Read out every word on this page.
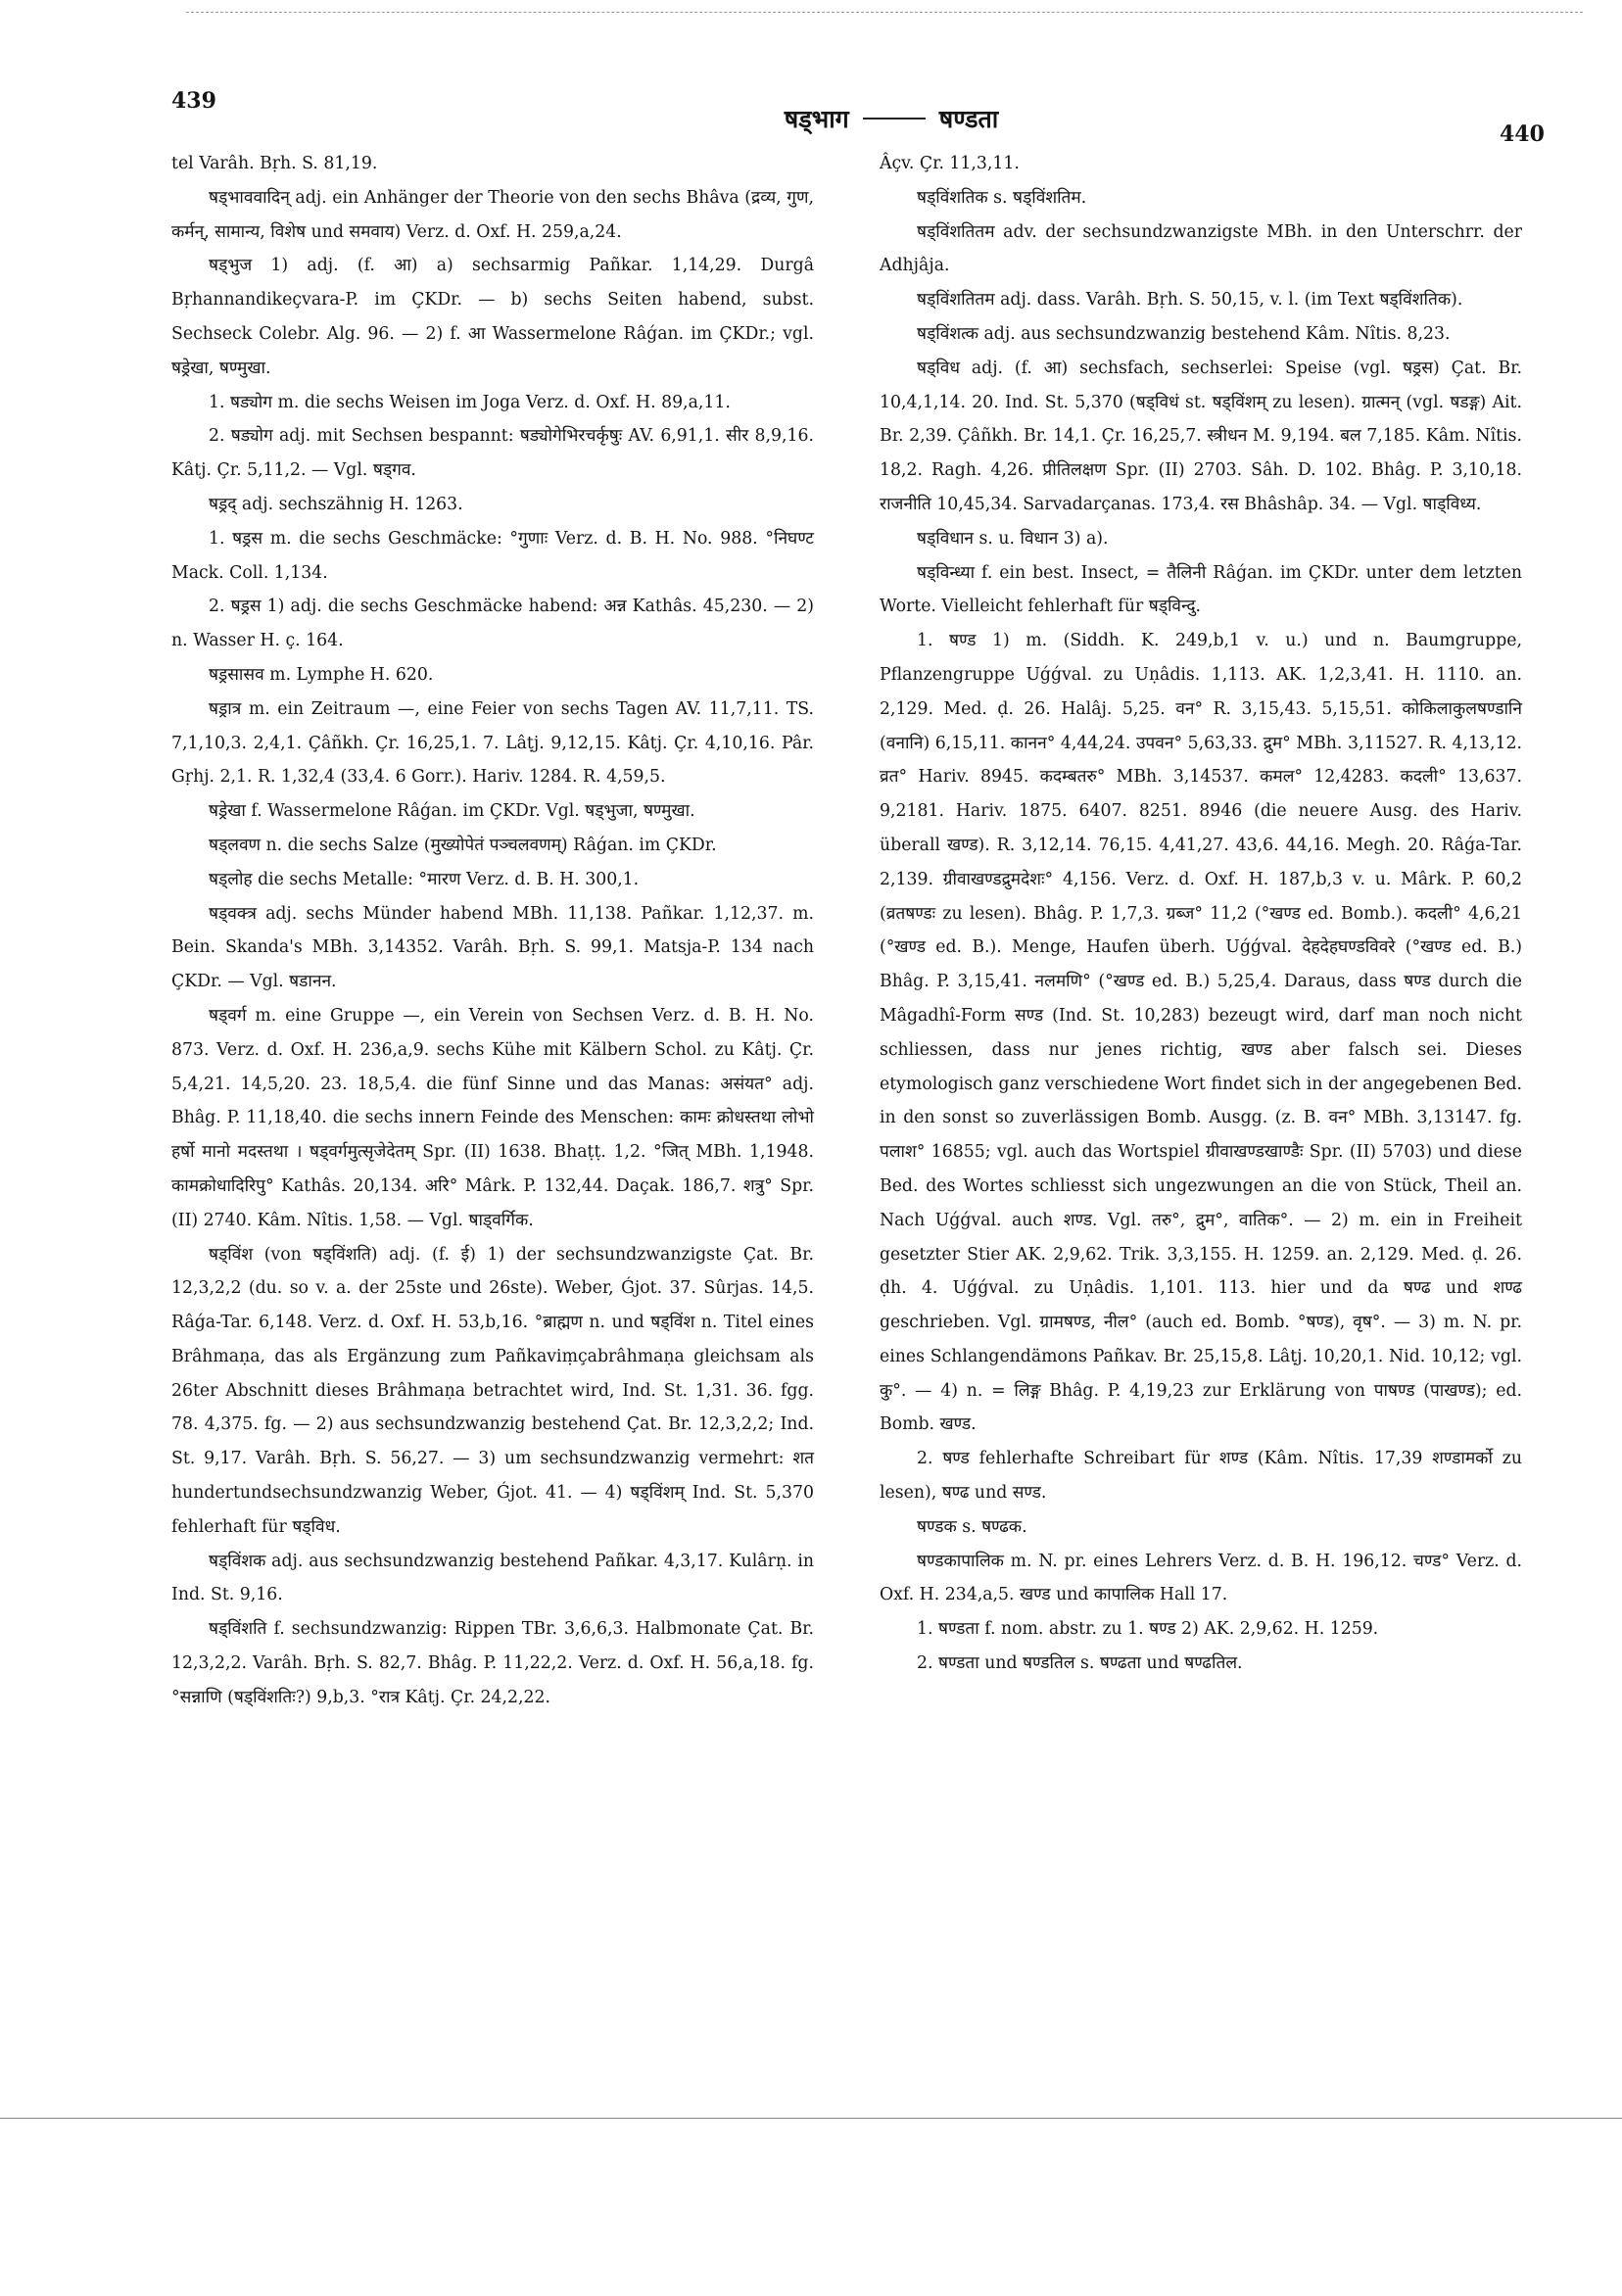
439
षड्भाग	षण्डता
440

tel Varâh. Bṛh. S. 81,19.

षड्भाववादिन् adj. ein Anhänger der Theorie von den sechs Bhâva (द्रव्य, गुण, कर्मन्, सामान्य, विशेष und समवाय) Verz. d. Oxf. H. 259,a,24.

षड्भुज 1) adj. (f. आ) a) sechsarmig Pañkar. 1,14,29. Durgâ Bṛhannandikeçvara-P. im ÇKDr. — b) sechs Seiten habend, subst. Sechseck Colebr. Alg. 96. — 2) f. आ Wassermelone Râǵan. im ÇKDr.; vgl. षड्रेखा, षण्मुखा.

1. षड्योग m. die sechs Weisen im Joga Verz. d. Oxf. H. 89,a,11.

2. षड्योग adj. mit Sechsen bespannt: षड्योगेभिरचर्कृषुः AV. 6,91,1. सीर 8,9,16. Kâtj. Çr. 5,11,2. — Vgl. षड्गव.

षड्रद् adj. sechszähnig H. 1263.

1. षड्रस m. die sechs Geschmäcke: °गुणाः Verz. d. B. H. No. 988. °निघण्ट Mack. Coll. 1,134.

2. षड्रस 1) adj. die sechs Geschmäcke habend: अन्न Kathâs. 45,230. — 2) n. Wasser H. ç. 164.

षड्रसासव m. Lymphe H. 620.

षड्रात्र m. ein Zeitraum —, eine Feier von sechs Tagen AV. 11,7,11. TS. 7,1,10,3. 2,4,1. Çâñkh. Çr. 16,25,1. 7. Lâṭj. 9,12,15. Kâtj. Çr. 4,10,16. Pâr. Gṛhj. 2,1. R. 1,32,4 (33,4. 6 Gorr.). Hariv. 1284. R. 4,59,5.

षड्रेखा f. Wassermelone Râǵan. im ÇKDr. Vgl. षड्भुजा, षण्मुखा.

षड्लवण n. die sechs Salze (मुख्योपेतं पञ्चलवणम्) Râǵan. im ÇKDr.

षड्लोह die sechs Metalle: °मारण Verz. d. B. H. 300,1.

षड्वक्त्र adj. sechs Münder habend MBh. 11,138. Pañkar. 1,12,37. m. Bein. Skanda's MBh. 3,14352. Varâh. Bṛh. S. 99,1. Matsja-P. 134 nach ÇKDr. — Vgl. षडानन.

षड्वर्ग m. eine Gruppe —, ein Verein von Sechsen Verz. d. B. H. No. 873. Verz. d. Oxf. H. 236,a,9. sechs Kühe mit Kälbern Schol. zu Kâtj. Çr. 5,4,21. 14,5,20. 23. 18,5,4. die fünf Sinne und das Manas: असंयत° adj. Bhâg. P. 11,18,40. die sechs innern Feinde des Menschen: कामः क्रोधस्तथा लोभो हर्षो मानो मदस्तथा । षड्वर्गमुत्सृजेदेतम् Spr. (II) 1638. Bhaṭṭ. 1,2. °जित् MBh. 1,1948. कामक्रोधादिरिपु° Kathâs. 20,134. अरि° Mârk. P. 132,44. Daçak. 186,7. शत्रु° Spr. (II) 2740. Kâm. Nîtis. 1,58. — Vgl. षाड्वर्गिक.

षड्विंश (von षड्विंशति) adj. (f. ई) 1) der sechsundzwanzigste Çat. Br. 12,3,2,2 (du. so v. a. der 25ste und 26ste). Weber, Ǵjot. 37. Sûrjas. 14,5. Râǵa-Tar. 6,148. Verz. d. Oxf. H. 53,b,16. °ब्राह्मण n. und षड्विंश n. Titel eines Brâhmaṇa, das als Ergänzung zum Pañkaviṃçabrâhmaṇa gleichsam als 26ter Abschnitt dieses Brâhmaṇa betrachtet wird, Ind. St. 1,31. 36. fgg. 78. 4,375. fg. — 2) aus sechsundzwanzig bestehend Çat. Br. 12,3,2,2; Ind. St. 9,17. Varâh. Bṛh. S. 56,27. — 3) um sechsundzwanzig vermehrt: शत hundertundsechsundzwanzig Weber, Ǵjot. 41. — 4) षड्विंशम् Ind. St. 5,370 fehlerhaft für षड्विध.

षड्विंशक adj. aus sechsundzwanzig bestehend Pañkar. 4,3,17. Kulârṇ. in Ind. St. 9,16.

षड्विंशति f. sechsundzwanzig: Rippen TBr. 3,6,6,3. Halbmonate Çat. Br. 12,3,2,2. Varâh. Bṛh. S. 82,7. Bhâg. P. 11,22,2. Verz. d. Oxf. H. 56,a,18. fg. °सन्नाणि (षड्विंशतिः?) 9,b,3. °रात्र Kâtj. Çr. 24,2,22.

Âçv. Çr. 11,3,11.

षड्विंशतिक s. षड्विंशतिम.

षड्विंशतितम adv. der sechsundzwanzigste MBh. in den Unterschrr. der Adhjâja.

षड्विंशतितम adj. dass. Varâh. Bṛh. S. 50,15, v. l. (im Text षड्विंशतिक).

षड्विंशत्क adj. aus sechsundzwanzig bestehend Kâm. Nîtis. 8,23.

षड्विध adj. (f. आ) sechsfach, sechserlei: Speise (vgl. षड्रस) Çat. Br. 10,4,1,14. 20. Ind. St. 5,370 (षड्विधं st. षड्विंशम् zu lesen). ग्रात्मन् (vgl. षडङ्ग) Ait. Br. 2,39. Çâñkh. Br. 14,1. Çr. 16,25,7. स्त्रीधन M. 9,194. बल 7,185. Kâm. Nîtis. 18,2. Ragh. 4,26. प्रीतिलक्षण Spr. (II) 2703. Sâh. D. 102. Bhâg. P. 3,10,18. राजनीति 10,45,34. Sarvadarçanas. 173,4. रस Bhâshâp. 34. — Vgl. षाड्विध्य.

षड्विधान s. u. विधान 3) a).

षड्विन्ध्या f. ein best. Insect, = तैलिनी Râǵan. im ÇKDr. unter dem letzten Worte. Vielleicht fehlerhaft für षड्विन्दु.

1. षण्ड 1) m. (Siddh. K. 249,b,1 v. u.) und n. Baumgruppe, Pflanzengruppe Uǵǵval. zu Uṇâdis. 1,113. AK. 1,2,3,41. H. 1110. an. 2,129. Med. ḍ. 26. Halâj. 5,25. वन° R. 3,15,43. 5,15,51. कोकिलाकुलषण्डानि (वनानि) 6,15,11. कानन° 4,44,24. उपवन° 5,63,33. द्रुम° MBh. 3,11527. R. 4,13,12. व्रत° Hariv. 8945. कदम्बतरु° MBh. 3,14537. कमल° 12,4283. कदली° 13,637. 9,2181. Hariv. 1875. 6407. 8251. 8946 (die neuere Ausg. des Hariv. überall खण्ड). R. 3,12,14. 76,15. 4,41,27. 43,6. 44,16. Megh. 20. Râǵa-Tar. 2,139. ग्रीवाखण्डद्रुमदेशः° 4,156. Verz. d. Oxf. H. 187,b,3 v. u. Mârk. P. 60,2 (व्रतषण्डः zu lesen). Bhâg. P. 1,7,3. ग्रब्ज° 11,2 (°खण्ड ed. Bomb.). कदली° 4,6,21 (°खण्ड ed. B.). Menge, Haufen überh. Uǵǵval. देहदेहघण्डविवरे (°खण्ड ed. B.) Bhâg. P. 3,15,41. नलमणि° (°खण्ड ed. B.) 5,25,4. Daraus, dass षण्ड durch die Mâgadhî-Form सण्ड (Ind. St. 10,283) bezeugt wird, darf man noch nicht schliessen, dass nur jenes richtig, खण्ड aber falsch sei. Dieses etymologisch ganz verschiedene Wort findet sich in der angegebenen Bed. in den sonst so zuverlässigen Bomb. Ausgg. (z. B. वन° MBh. 3,13147. fg. पलाश° 16855; vgl. auch das Wortspiel ग्रीवाखण्डखाण्डैः Spr. (II) 5703) und diese Bed. des Wortes schliesst sich ungezwungen an die von Stück, Theil an. Nach Uǵǵval. auch शण्ड. Vgl. तरु°, द्रुम°, वातिक°. — 2) m. ein in Freiheit gesetzter Stier AK. 2,9,62. Trik. 3,3,155. H. 1259. an. 2,129. Med. ḍ. 26. ḍh. 4. Uǵǵval. zu Uṇâdis. 1,101. 113. hier und da षण्ढ und शण्ढ geschrieben. Vgl. ग्रामषण्ड, नील° (auch ed. Bomb. °षण्ड), वृष°. — 3) m. N. pr. eines Schlangendämons Pañkav. Br. 25,15,8. Lâṭj. 10,20,1. Nid. 10,12; vgl. कु°. — 4) n. = लिङ्ग Bhâg. P. 4,19,23 zur Erklärung von पाषण्ड (पाखण्ड); ed. Bomb. खण्ड.

2. षण्ड fehlerhafte Schreibart für शण्ड (Kâm. Nîtis. 17,39 शण्डामर्को zu lesen), षण्ढ und सण्ड.

षण्डक s. षण्ढक.

षण्डकापालिक m. N. pr. eines Lehrers Verz. d. B. H. 196,12. चण्ड° Verz. d. Oxf. H. 234,a,5. खण्ड und कापालिक Hall 17.

1. षण्डता f. nom. abstr. zu 1. षण्ड 2) AK. 2,9,62. H. 1259.

2. षण्डता und षण्डतिल s. षण्ढता und षण्ढतिल.
